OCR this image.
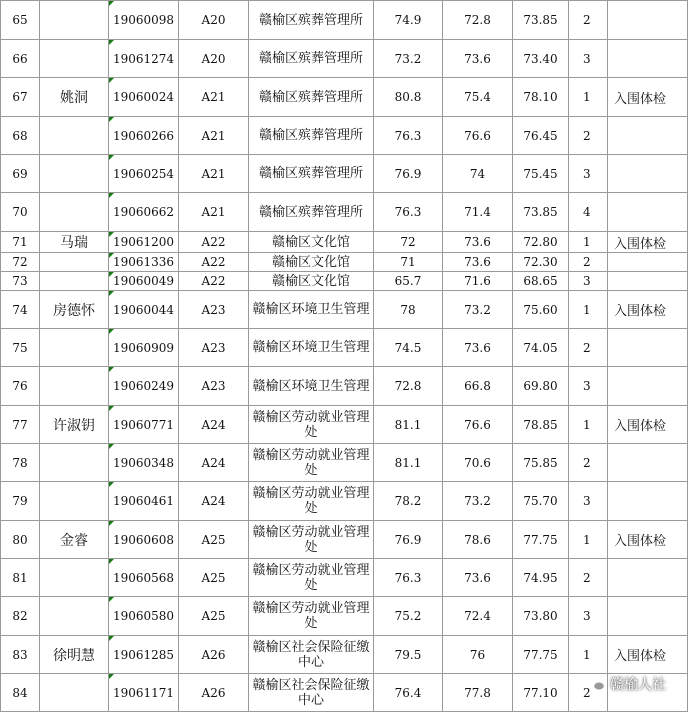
65		19060098	A20	赣榆区殡葬管理所	74.9	72.8	73.85	2	
66		19061274	A20	赣榆区殡葬管理所	73.2	73.6	73.40	3	
67	姚洞	19060024	A21	赣榆区殡葬管理所	80.8	75.4	78.10	1	入围体检
68		19060266	A21	赣榆区殡葬管理所	76.3	76.6	76.45	2	
69		19060254	A21	赣榆区殡葬管理所	76.9	74	75.45	3	
70		19060662	A21	赣榆区殡葬管理所	76.3	71.4	73.85	4	
71	马瑞	19061200	A22	赣榆区文化馆	72	73.6	72.80	1	入围体检
72		19061336	A22	赣榆区文化馆	71	73.6	72.30	2	
73		19060049	A22	赣榆区文化馆	65.7	71.6	68.65	3	
74	房德怀	19060044	A23	赣榆区环境卫生管理	78	73.2	75.60	1	入围体检
75		19060909	A23	赣榆区环境卫生管理	74.5	73.6	74.05	2	
76		19060249	A23	赣榆区环境卫生管理	72.8	66.8	69.80	3	
77	许淑钥	19060771	A24	赣榆区劳动就业管理处	81.1	76.6	78.85	1	入围体检
78		19060348	A24	赣榆区劳动就业管理处	81.1	70.6	75.85	2	
79		19060461	A24	赣榆区劳动就业管理处	78.2	73.2	75.70	3	
80	金睿	19060608	A25	赣榆区劳动就业管理处	76.9	78.6	77.75	1	入围体检
81		19060568	A25	赣榆区劳动就业管理处	76.3	73.6	74.95	2	
82		19060580	A25	赣榆区劳动就业管理处	75.2	72.4	73.80	3	
83	徐明慧	19061285	A26	赣榆区社会保险征缴中心	79.5	76	77.75	1	入围体检
84		19061171	A26	赣榆区社会保险征缴中心	76.4	77.8	77.10	2	赣榆人社
